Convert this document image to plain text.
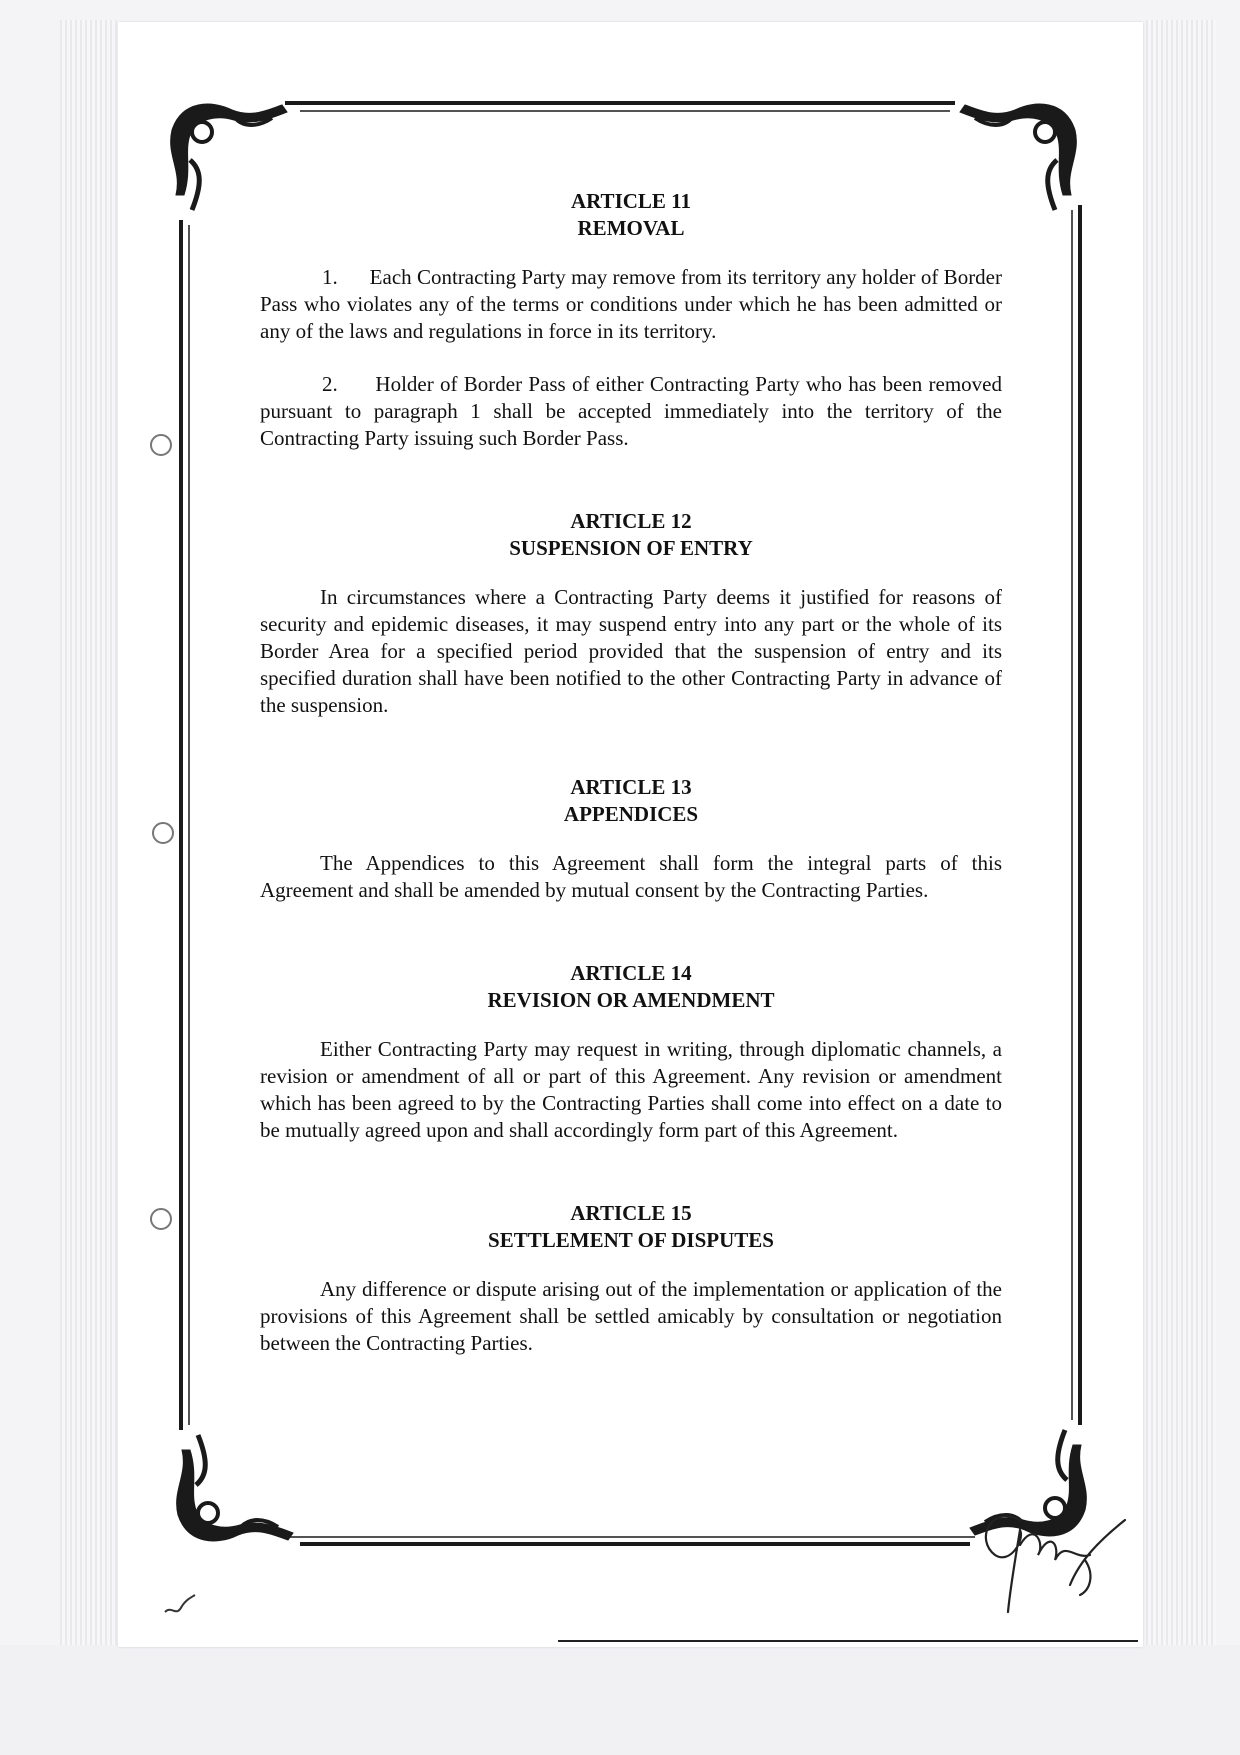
ARTICLE 11

REMOVAL

1.      Each Contracting Party may remove from its territory any holder of Border Pass who violates any of the terms or conditions under which he has been admitted or any of the laws and regulations in force in its territory.

2.      Holder of Border Pass of either Contracting Party who has been removed pursuant to paragraph 1 shall be accepted immediately into the territory of the Contracting Party issuing such Border Pass.

ARTICLE 12

SUSPENSION OF ENTRY

In circumstances where a Contracting Party deems it justified for reasons of security and epidemic diseases, it may suspend entry into any part or the whole of its Border Area for a specified period provided that the suspension of entry and its specified duration shall have been notified to the other Contracting Party in advance of the suspension.

ARTICLE 13

APPENDICES

The Appendices to this Agreement shall form the integral parts of this Agreement and shall be amended by mutual consent by the Contracting Parties.

ARTICLE 14

REVISION OR AMENDMENT

Either Contracting Party may request in writing, through diplomatic channels, a revision or amendment of all or part of this Agreement. Any revision or amendment which has been agreed to by the Contracting Parties shall come into effect on a date to be mutually agreed upon and shall accordingly form part of this Agreement.

ARTICLE 15

SETTLEMENT OF DISPUTES

Any difference or dispute arising out of the implementation or application of the provisions of this Agreement shall be settled amicably by consultation or negotiation between the Contracting Parties.
